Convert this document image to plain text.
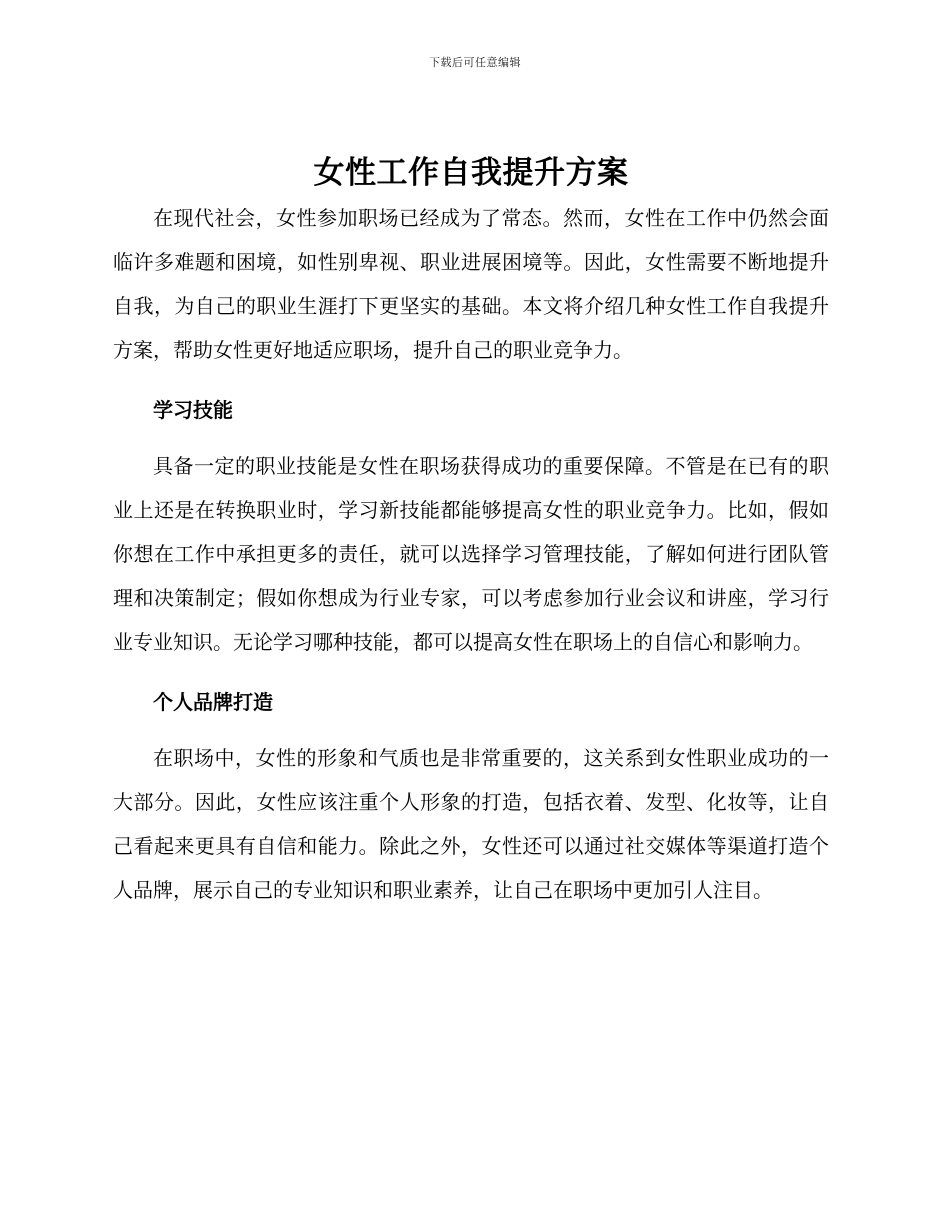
下载后可任意编辑
女性工作自我提升方案

在现代社会，女性参加职场已经成为了常态。然而，女性在工作中仍然会面临许多难题和困境，如性别卑视、职业进展困境等。因此，女性需要不断地提升自我，为自己的职业生涯打下更坚实的基础。本文将介绍几种女性工作自我提升方案，帮助女性更好地适应职场，提升自己的职业竞争力。

学习技能

具备一定的职业技能是女性在职场获得成功的重要保障。不管是在已有的职业上还是在转换职业时，学习新技能都能够提高女性的职业竞争力。比如，假如你想在工作中承担更多的责任，就可以选择学习管理技能，了解如何进行团队管理和决策制定；假如你想成为行业专家，可以考虑参加行业会议和讲座，学习行业专业知识。无论学习哪种技能，都可以提高女性在职场上的自信心和影响力。

个人品牌打造

在职场中，女性的形象和气质也是非常重要的，这关系到女性职业成功的一大部分。因此，女性应该注重个人形象的打造，包括衣着、发型、化妆等，让自己看起来更具有自信和能力。除此之外，女性还可以通过社交媒体等渠道打造个人品牌，展示自己的专业知识和职业素养，让自己在职场中更加引人注目。
